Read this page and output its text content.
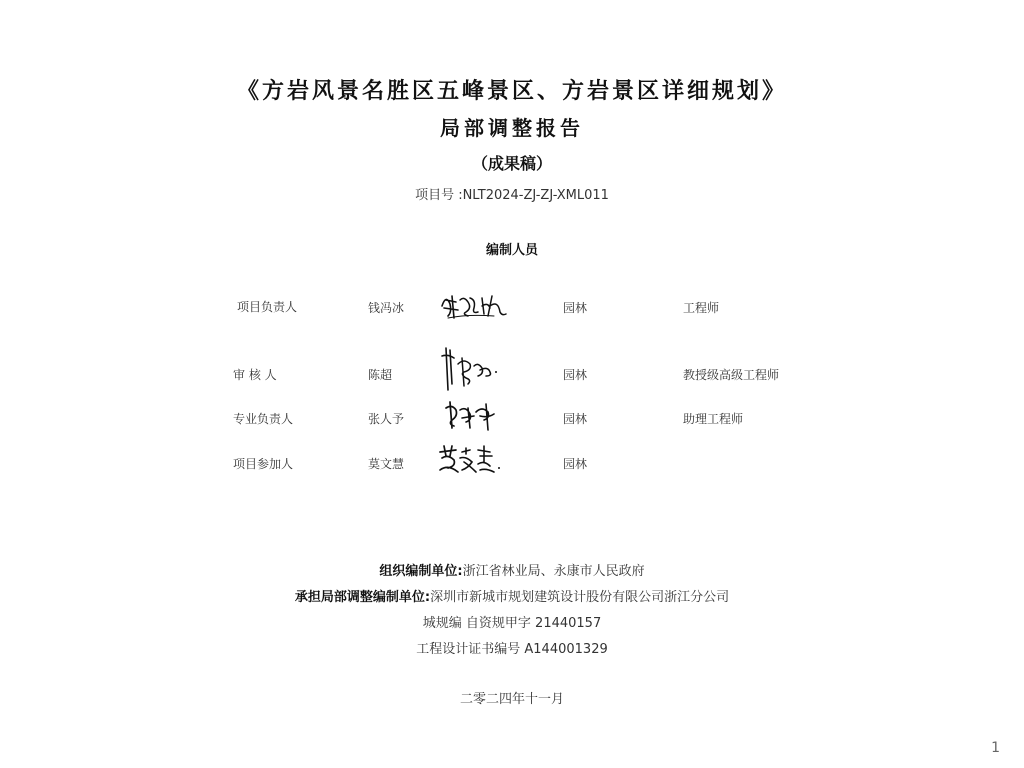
《方岩风景名胜区五峰景区、方岩景区详细规划》
局部调整报告
（成果稿）
项目号 :NLT2024-ZJ-ZJ-XML011
编制人员
项目负责人	钱冯冰	园林	工程师
审 核 人	陈超	园林	教授级高级工程师
专业负责人	张人予	园林	助理工程师
项目参加人	莫文慧	园林
组织编制单位:浙江省林业局、永康市人民政府
承担局部调整编制单位:深圳市新城市规划建筑设计股份有限公司浙江分公司
城规编 自资规甲字 21440157
工程设计证书编号 A144001329
二零二四年十一月
1
